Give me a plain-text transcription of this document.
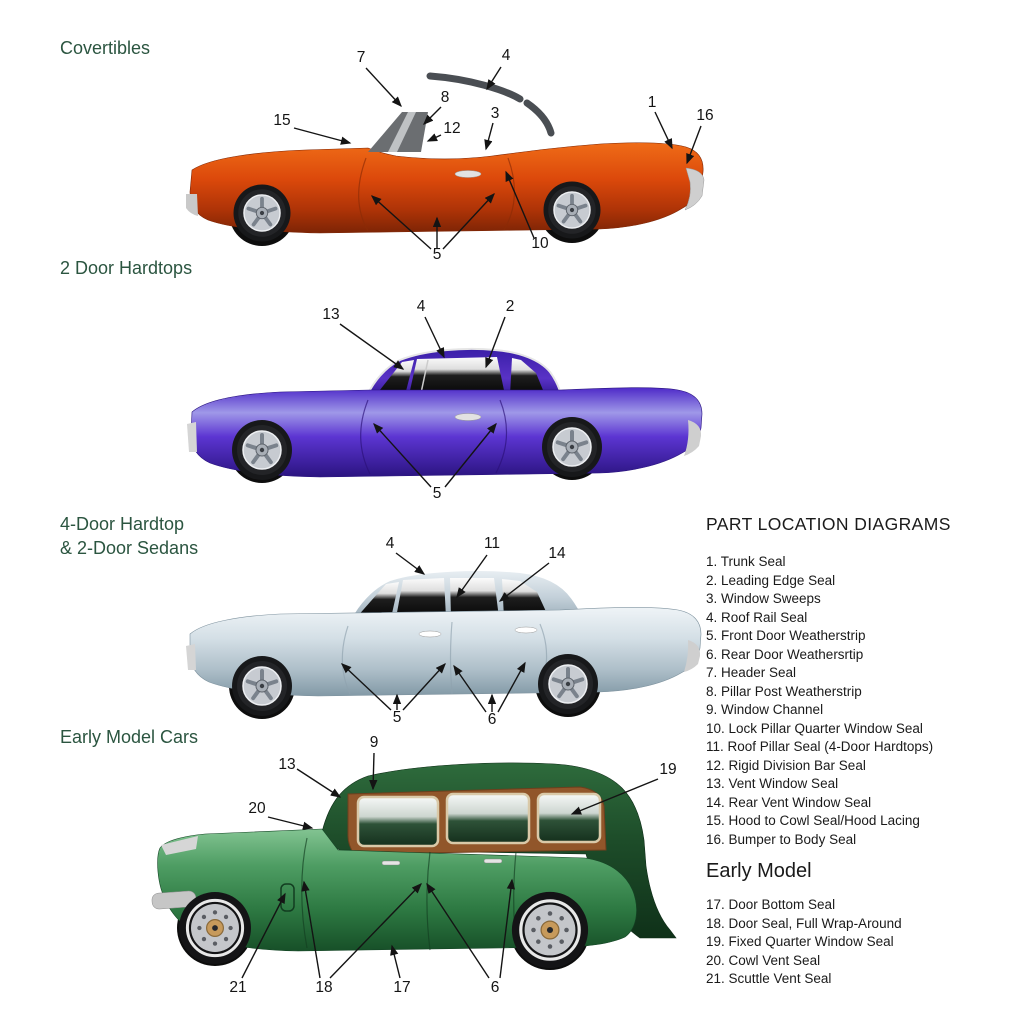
7	4
8
12
15	3
1
16
5
10
13	4	2
5
4	11
14
5	6
9
13	19
20
21	18	17	6
Covertibles
2 Door Hardtops
4-Door Hardtop
& 2-Door Sedans
Early Model Cars
PART LOCATION DIAGRAMS
1. Trunk Seal
2. Leading Edge Seal
3. Window Sweeps
4. Roof Rail Seal
5. Front Door Weatherstrip
6. Rear Door Weathersrtip
7. Header Seal
8. Pillar Post Weatherstrip
9. Window Channel
10. Lock Pillar Quarter Window Seal
11. Roof Pillar Seal (4-Door Hardtops)
12. Rigid Division Bar Seal
13. Vent Window Seal
14. Rear Vent Window Seal
15. Hood to Cowl Seal/Hood Lacing
16. Bumper to Body Seal
Early Model
17. Door Bottom Seal
18. Door Seal, Full Wrap-Around
19. Fixed Quarter Window Seal
20. Cowl Vent Seal
21. Scuttle Vent Seal
